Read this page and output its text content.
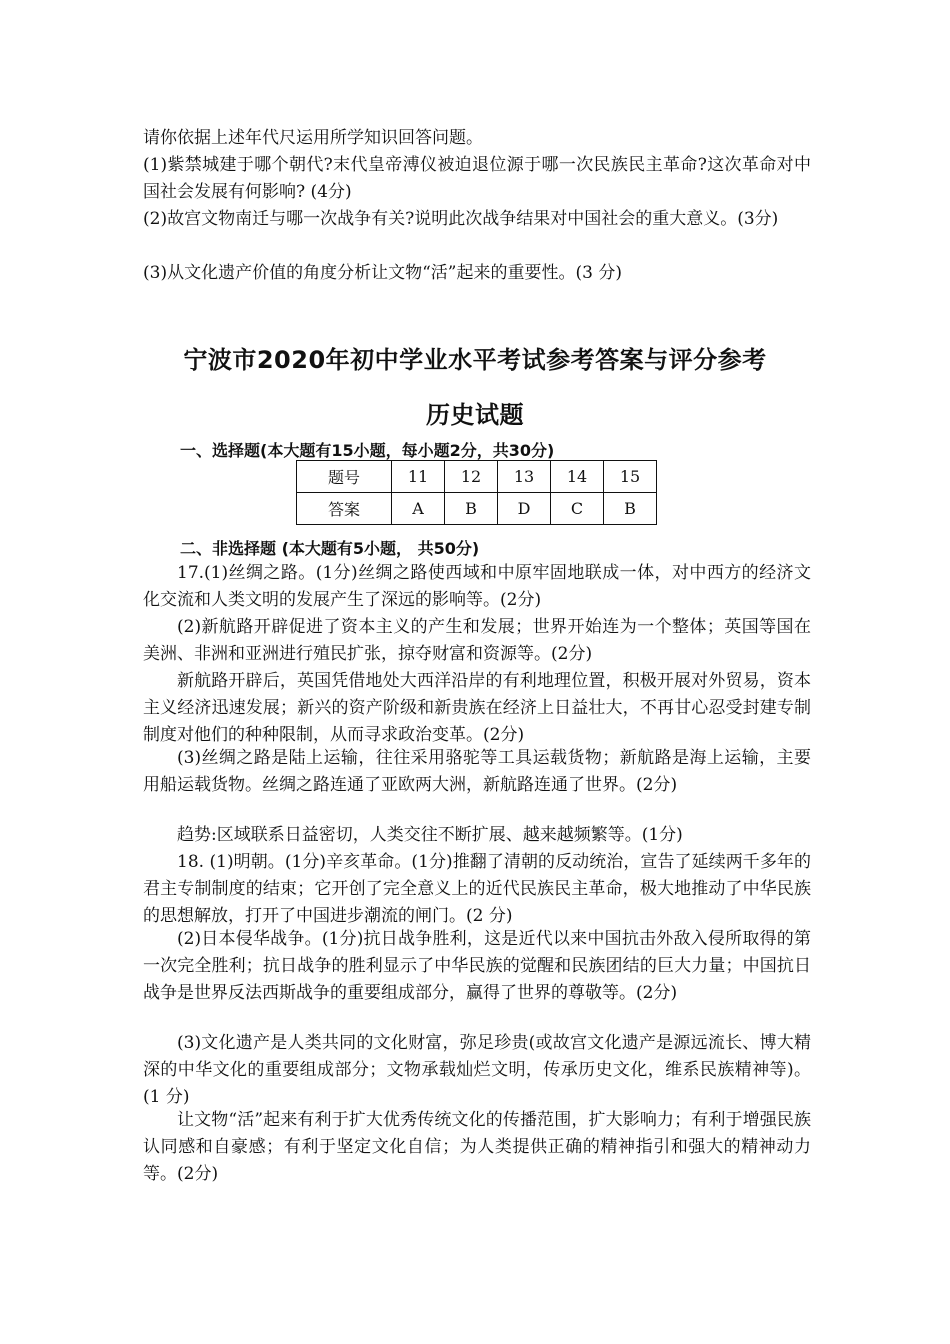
请你依据上述年代尺运用所学知识回答问题。

(1)紫禁城建于哪个朝代?末代皇帝溥仪被迫退位源于哪一次民族民主革命?这次革命对中国社会发展有何影响? (4分)

(2)故宫文物南迁与哪一次战争有关?说明此次战争结果对中国社会的重大意义。(3分)

(3)从文化遗产价值的角度分析让文物“活”起来的重要性。(3 分)

宁波市2020年初中学业水平考试参考答案与评分参考
历史试题

一、选择题(本大题有15小题，每小题2分，共30分)

题号	11	12	13	14	15
答案	A	B	D	C	B

二、非选择题 (本大题有5小题， 共50分)

17.(1)丝绸之路。(1分)丝绸之路使西域和中原牢固地联成一体，对中西方的经济文化交流和人类文明的发展产生了深远的影响等。(2分)

(2)新航路开辟促进了资本主义的产生和发展；世界开始连为一个整体；英国等国在美洲、非洲和亚洲进行殖民扩张，掠夺财富和资源等。(2分)

新航路开辟后，英国凭借地处大西洋沿岸的有利地理位置，积极开展对外贸易，资本主义经济迅速发展；新兴的资产阶级和新贵族在经济上日益壮大，不再甘心忍受封建专制制度对他们的种种限制，从而寻求政治变革。(2分)

(3)丝绸之路是陆上运输，往往采用骆驼等工具运载货物；新航路是海上运输，主要用船运载货物。丝绸之路连通了亚欧两大洲，新航路连通了世界。(2分)

趋势:区域联系日益密切，人类交往不断扩展、越来越频繁等。(1分)

18. (1)明朝。(1分)辛亥革命。(1分)推翻了清朝的反动统治，宣告了延续两千多年的君主专制制度的结束；它开创了完全意义上的近代民族民主革命，极大地推动了中华民族的思想解放，打开了中国进步潮流的闸门。(2 分)

(2)日本侵华战争。(1分)抗日战争胜利，这是近代以来中国抗击外敌入侵所取得的第一次完全胜利；抗日战争的胜利显示了中华民族的觉醒和民族团结的巨大力量；中国抗日战争是世界反法西斯战争的重要组成部分，赢得了世界的尊敬等。(2分)

(3)文化遗产是人类共同的文化财富，弥足珍贵(或故宫文化遗产是源远流长、博大精深的中华文化的重要组成部分；文物承载灿烂文明，传承历史文化，维系民族精神等)。(1 分)

让文物“活”起来有利于扩大优秀传统文化的传播范围，扩大影响力；有利于增强民族认同感和自豪感；有利于坚定文化自信；为人类提供正确的精神指引和强大的精神动力等。(2分)
